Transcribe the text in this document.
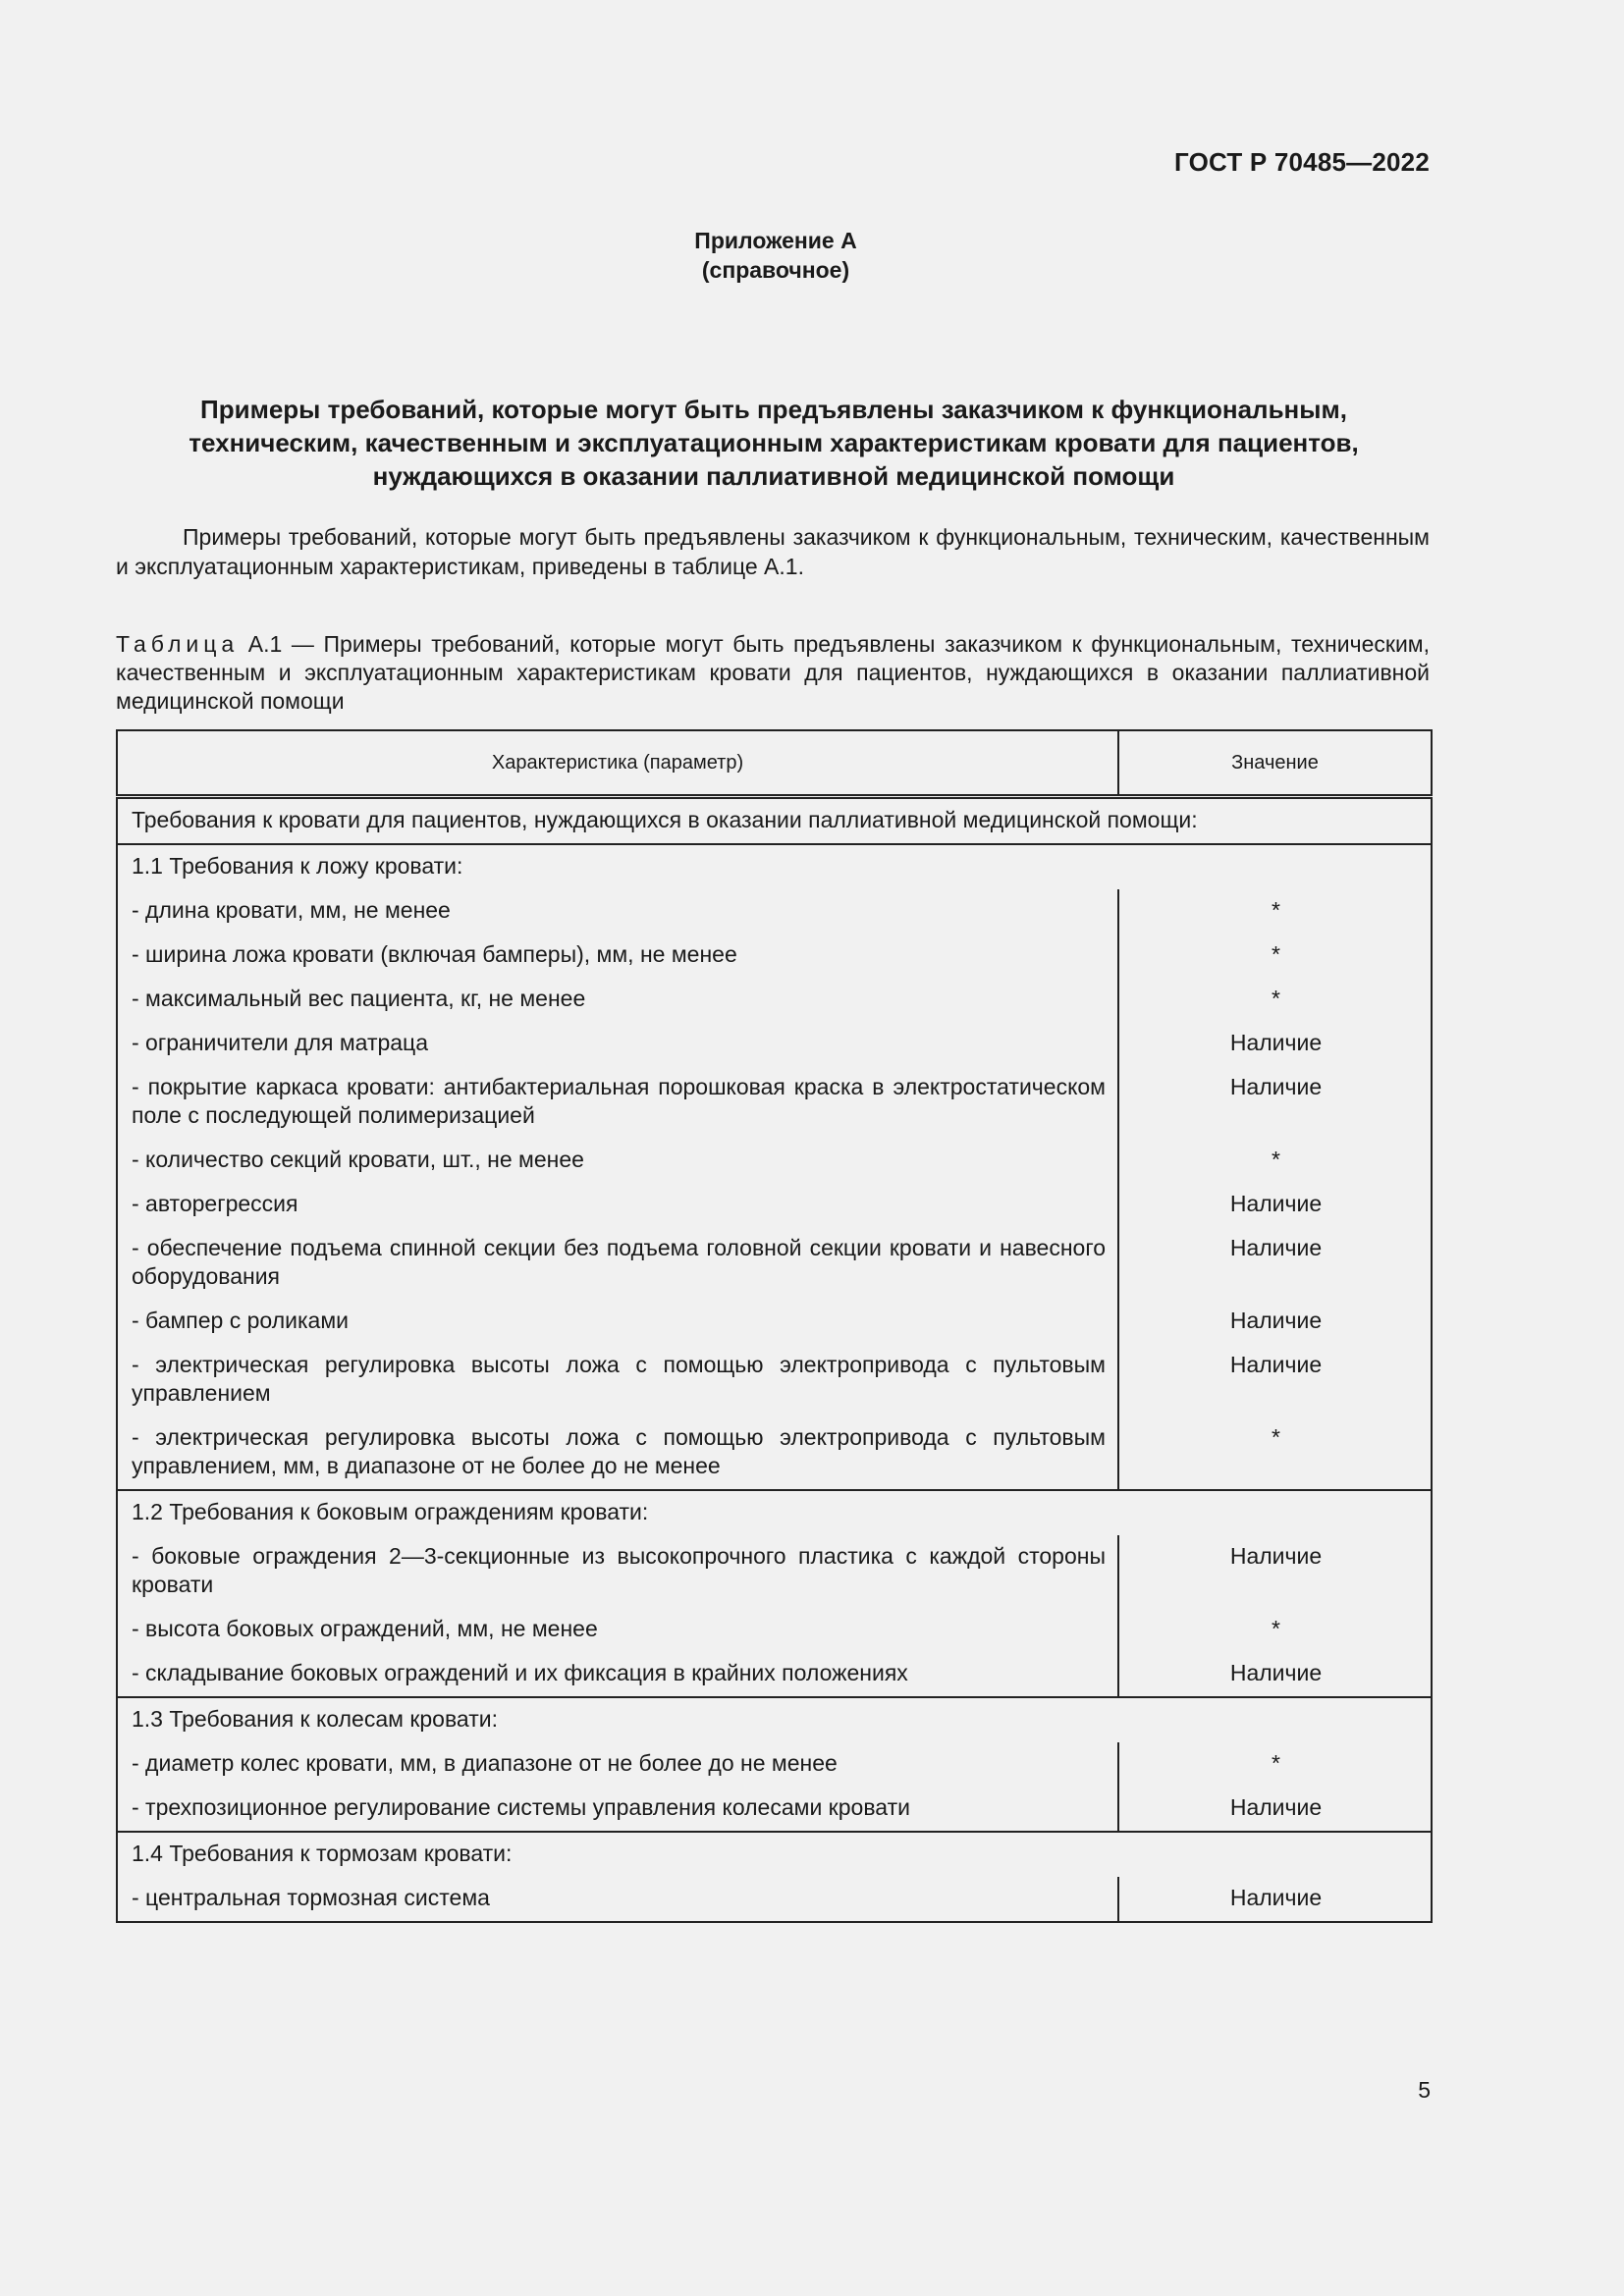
ГОСТ Р 70485—2022
Приложение А
(справочное)
Примеры требований, которые могут быть предъявлены заказчиком к функциональным, техническим, качественным и эксплуатационным характеристикам кровати для пациентов, нуждающихся в оказании паллиативной медицинской помощи
Примеры требований, которые могут быть предъявлены заказчиком к функциональным, техническим, качественным и эксплуатационным характеристикам, приведены в таблице А.1.
Таблица А.1 — Примеры требований, которые могут быть предъявлены заказчиком к функциональным, техническим, качественным и эксплуатационным характеристикам кровати для пациентов, нуждающихся в оказании паллиативной медицинской помощи
Характеристика (параметр)	Значение
Требования к кровати для пациентов, нуждающихся в оказании паллиативной медицинской помощи:	
1.1 Требования к ложу кровати:	
- длина кровати, мм, не менее	*
- ширина ложа кровати (включая бамперы), мм, не менее	*
- максимальный вес пациента, кг, не менее	*
- ограничители для матраца	Наличие
- покрытие каркаса кровати: антибактериальная порошковая краска в электростатическом поле с последующей полимеризацией	Наличие
- количество секций кровати, шт., не менее	*
- авторегрессия	Наличие
- обеспечение подъема спинной секции без подъема головной секции кровати и навесного оборудования	Наличие
- бампер с роликами	Наличие
- электрическая регулировка высоты ложа с помощью электропривода с пультовым управлением	Наличие
- электрическая регулировка высоты ложа с помощью электропривода с пультовым управлением, мм, в диапазоне от не более до не менее	*
1.2 Требования к боковым ограждениям кровати:	
- боковые ограждения 2—3-секционные из высокопрочного пластика с каждой стороны кровати	Наличие
- высота боковых ограждений, мм, не менее	*
- складывание боковых ограждений и их фиксация в крайних положениях	Наличие
1.3 Требования к колесам кровати:	
- диаметр колес кровати, мм, в диапазоне от не более до не менее	*
- трехпозиционное регулирование системы управления колесами кровати	Наличие
1.4 Требования к тормозам кровати:	
- центральная тормозная система	Наличие
5
